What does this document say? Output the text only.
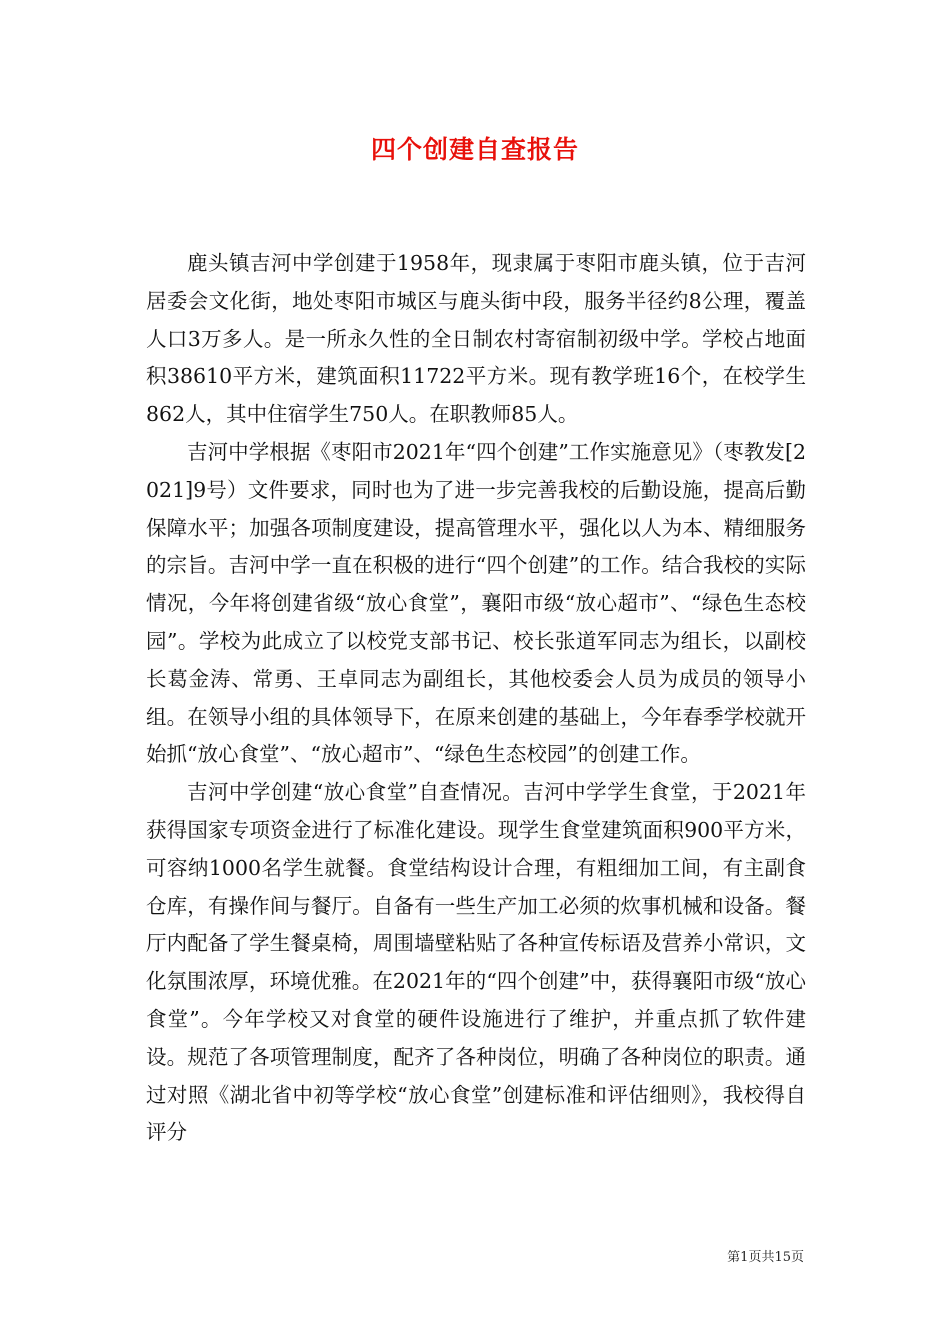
四个创建自查报告

鹿头镇吉河中学创建于1958年，现隶属于枣阳市鹿头镇，位于吉河居委会文化街，地处枣阳市城区与鹿头街中段，服务半径约8公理，覆盖人口3万多人。是一所永久性的全日制农村寄宿制初级中学。学校占地面积38610平方米，建筑面积11722平方米。现有教学班16个，在校学生862人，其中住宿学生750人。在职教师85人。

吉河中学根据《枣阳市2021年“四个创建”工作实施意见》（枣教发[2021]9号）文件要求，同时也为了进一步完善我校的后勤设施，提高后勤保障水平；加强各项制度建设，提高管理水平，强化以人为本、精细服务的宗旨。吉河中学一直在积极的进行“四个创建”的工作。结合我校的实际情况，今年将创建省级“放心食堂”，襄阳市级“放心超市”、“绿色生态校园”。学校为此成立了以校党支部书记、校长张道军同志为组长，以副校长葛金涛、常勇、王卓同志为副组长，其他校委会人员为成员的领导小组。在领导小组的具体领导下，在原来创建的基础上，今年春季学校就开始抓“放心食堂”、“放心超市”、“绿色生态校园”的创建工作。

吉河中学创建“放心食堂”自查情况。吉河中学学生食堂，于2021年获得国家专项资金进行了标准化建设。现学生食堂建筑面积900平方米，可容纳1000名学生就餐。食堂结构设计合理，有粗细加工间，有主副食仓库，有操作间与餐厅。自备有一些生产加工必须的炊事机械和设备。餐厅内配备了学生餐桌椅，周围墙壁粘贴了各种宣传标语及营养小常识，文化氛围浓厚，环境优雅。在2021年的“四个创建”中，获得襄阳市级“放心食堂”。今年学校又对食堂的硬件设施进行了维护，并重点抓了软件建设。规范了各项管理制度，配齐了各种岗位，明确了各种岗位的职责。通过对照《湖北省中初等学校“放心食堂”创建标准和评估细则》，我校得自评分

第1页共15页
